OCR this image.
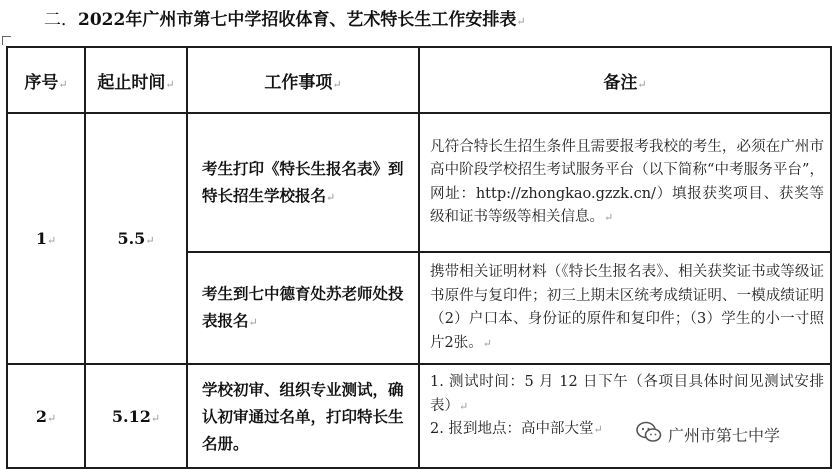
二．2022年广州市第七中学招收体育、艺术特长生工作安排表↵
序号↵	起止时间↵	工作事项↵	备注↵
1↵	5.5↵	考生打印《特长生报名表》到特长招生学校报名↵	凡符合特长生招生条件且需要报考我校的考生，必须在广州市高中阶段学校招生考试服务平台（以下简称“中考服务平台”，网址：http://zhongkao.gzzk.cn/）填报获奖项目、获奖等级和证书等级等相关信息。↵
		考生到七中德育处苏老师处投表报名↵	携带相关证明材料（《特长生报名表》、相关获奖证书或等级证书原件与复印件；初三上期末区统考成绩证明、一模成绩证明（2）户口本、身份证的原件和复印件；（3）学生的小一寸照片2张。↵
2↵	5.12↵	学校初审、组织专业测试，确认初审通过名单，打印特长生名册。	1. 测试时间：5 月 12 日下午（各项目具体时间见测试安排表）↵
2. 报到地点：高中部大堂↵	广州市第七中学
